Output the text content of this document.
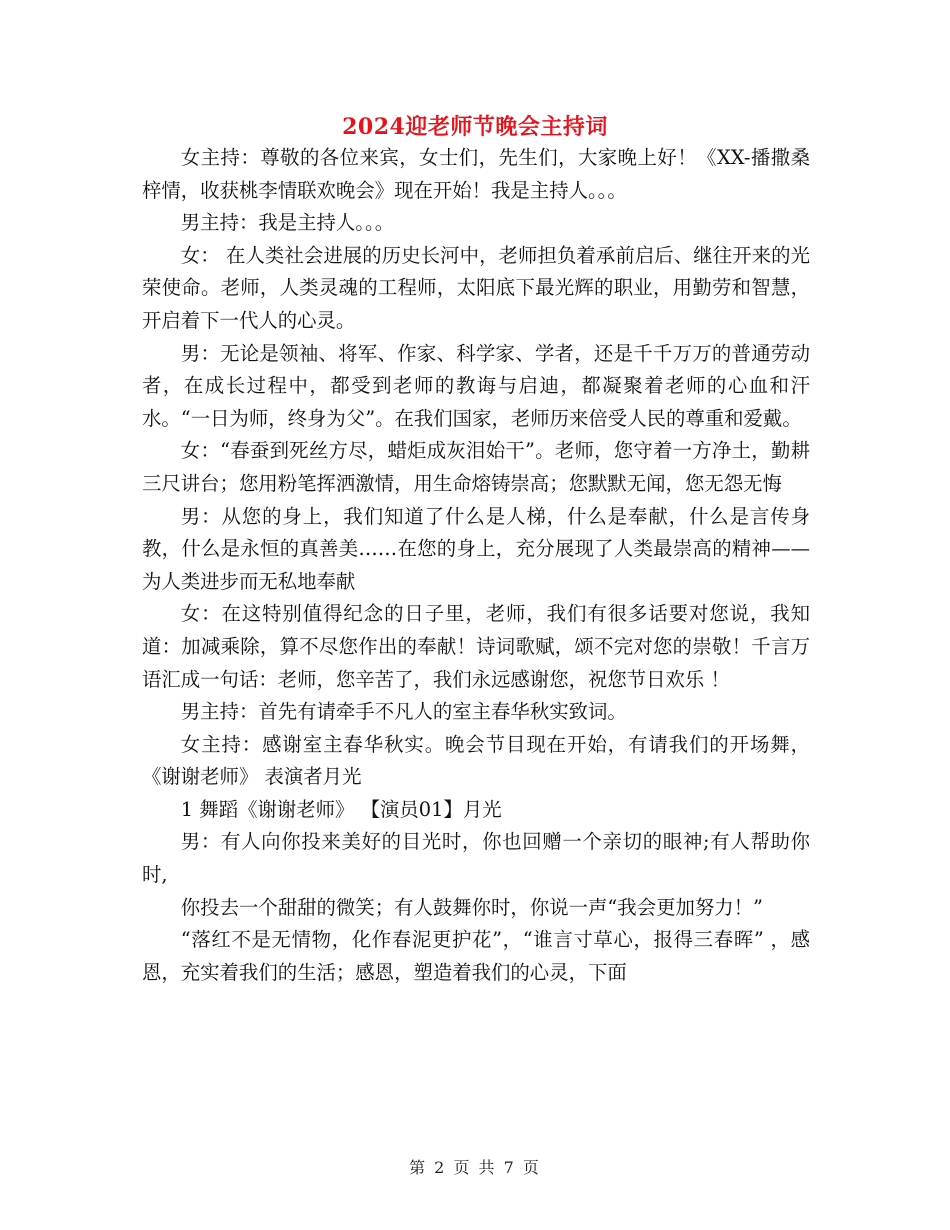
2024迎老师节晚会主持词

女主持：尊敬的各位来宾，女士们，先生们，大家晚上好！《XX-播撒桑梓情，收获桃李情联欢晚会》现在开始！我是主持人。。。

男主持：我是主持人。。。

女： 在人类社会进展的历史长河中，老师担负着承前启后、继往开来的光荣使命。老师，人类灵魂的工程师，太阳底下最光辉的职业，用勤劳和智慧，开启着下一代人的心灵。

男：无论是领袖、将军、作家、科学家、学者，还是千千万万的普通劳动者，在成长过程中，都受到老师的教诲与启迪，都凝聚着老师的心血和汗水。“一日为师，终身为父”。在我们国家，老师历来倍受人民的尊重和爱戴。

女：“春蚕到死丝方尽，蜡炬成灰泪始干”。老师，您守着一方净土，勤耕三尺讲台；您用粉笔挥洒激情，用生命熔铸崇高；您默默无闻，您无怨无悔

男：从您的身上，我们知道了什么是人梯，什么是奉献，什么是言传身教，什么是永恒的真善美……在您的身上，充分展现了人类最崇高的精神——为人类进步而无私地奉献

女：在这特别值得纪念的日子里，老师，我们有很多话要对您说，我知道：加减乘除，算不尽您作出的奉献！诗词歌赋，颂不完对您的崇敬！千言万语汇成一句话：老师，您辛苦了，我们永远感谢您，祝您节日欢乐 ！

男主持：首先有请牵手不凡人的室主春华秋实致词。

女主持：感谢室主春华秋实。晚会节目现在开始，有请我们的开场舞，《谢谢老师》 表演者月光

1 舞蹈《谢谢老师》 【演员01】月光

男：有人向你投来美好的目光时，你也回赠一个亲切的眼神;有人帮助你时,

你投去一个甜甜的微笑；有人鼓舞你时，你说一声“我会更加努力！”

“落红不是无情物，化作春泥更护花”，“谁言寸草心，报得三春晖” ，感恩，充实着我们的生活；感恩，塑造着我们的心灵，下面

第 2 页 共 7 页
